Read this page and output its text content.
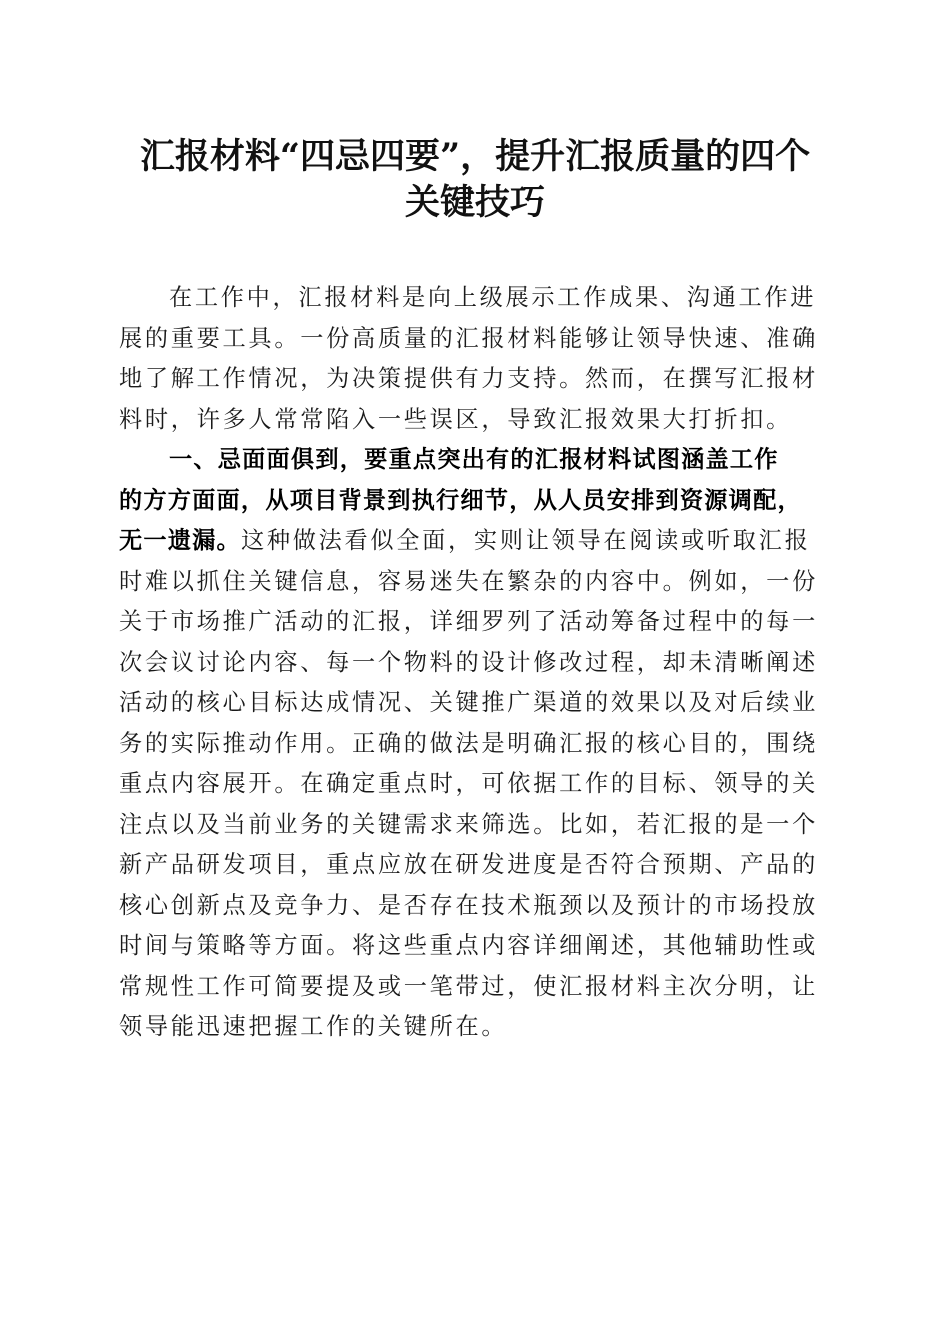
汇报材料“四忌四要”，提升汇报质量的四个
关键技巧

在工作中，汇报材料是向上级展示工作成果、沟通工作进
展的重要工具。一份高质量的汇报材料能够让领导快速、准确
地了解工作情况，为决策提供有力支持。然而，在撰写汇报材
料时，许多人常常陷入一些误区，导致汇报效果大打折扣。

一、忌面面俱到，要重点突出有的汇报材料试图涵盖工作
的方方面面，从项目背景到执行细节，从人员安排到资源调配，
无一遗漏。这种做法看似全面，实则让领导在阅读或听取汇报
时难以抓住关键信息，容易迷失在繁杂的内容中。例如，一份
关于市场推广活动的汇报，详细罗列了活动筹备过程中的每一
次会议讨论内容、每一个物料的设计修改过程，却未清晰阐述
活动的核心目标达成情况、关键推广渠道的效果以及对后续业
务的实际推动作用。正确的做法是明确汇报的核心目的，围绕
重点内容展开。在确定重点时，可依据工作的目标、领导的关
注点以及当前业务的关键需求来筛选。比如，若汇报的是一个
新产品研发项目，重点应放在研发进度是否符合预期、产品的
核心创新点及竞争力、是否存在技术瓶颈以及预计的市场投放
时间与策略等方面。将这些重点内容详细阐述，其他辅助性或
常规性工作可简要提及或一笔带过，使汇报材料主次分明，让
领导能迅速把握工作的关键所在。
